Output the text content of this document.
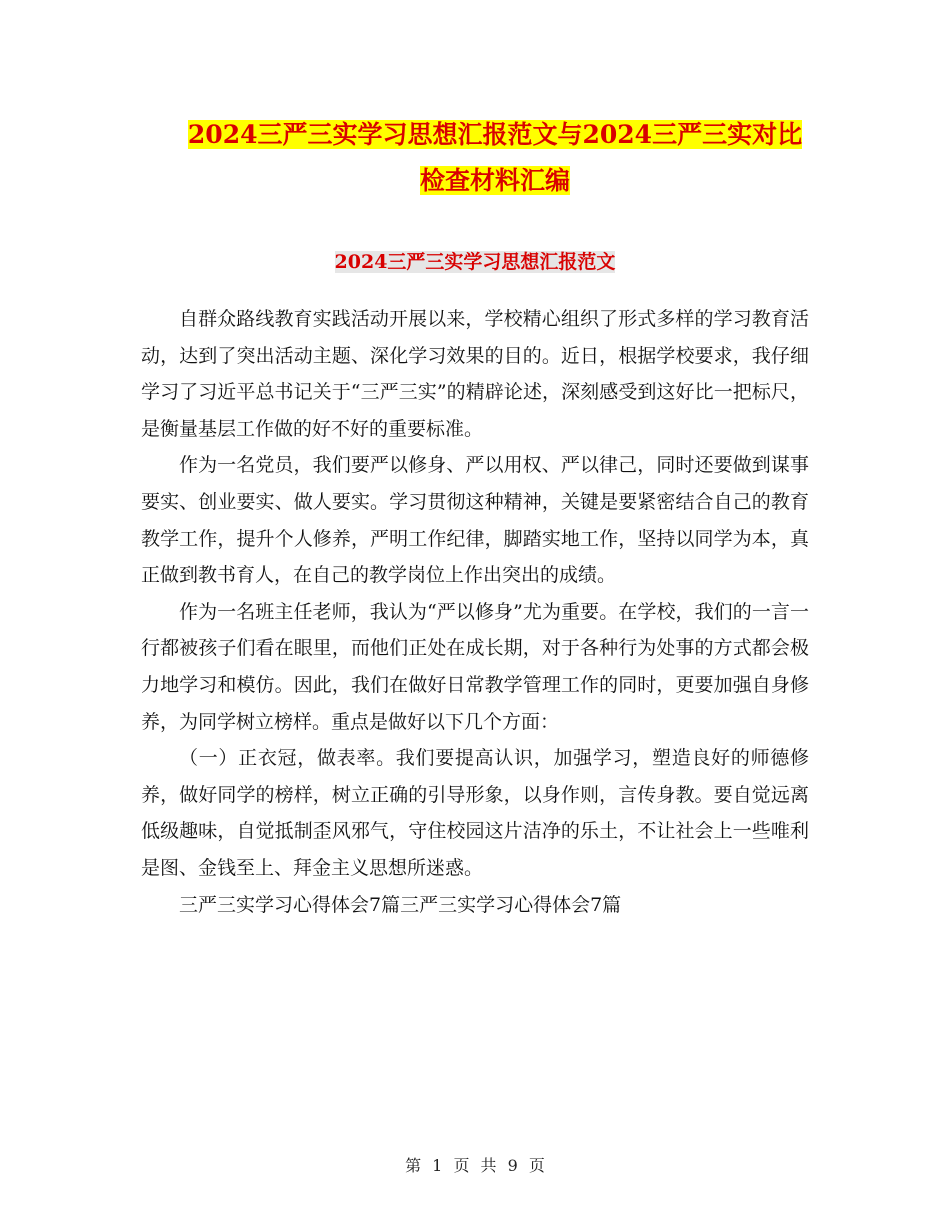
2024三严三实学习思想汇报范文与2024三严三实对比
检查材料汇编
2024三严三实学习思想汇报范文

自群众路线教育实践活动开展以来，学校精心组织了形式多样的学习教育活动，达到了突出活动主题、深化学习效果的目的。近日，根据学校要求，我仔细学习了习近平总书记关于“三严三实”的精辟论述，深刻感受到这好比一把标尺，是衡量基层工作做的好不好的重要标准。

作为一名党员，我们要严以修身、严以用权、严以律己，同时还要做到谋事要实、创业要实、做人要实。学习贯彻这种精神，关键是要紧密结合自己的教育教学工作，提升个人修养，严明工作纪律，脚踏实地工作，坚持以同学为本，真正做到教书育人，在自己的教学岗位上作出突出的成绩。

作为一名班主任老师，我认为“严以修身”尤为重要。在学校，我们的一言一行都被孩子们看在眼里，而他们正处在成长期，对于各种行为处事的方式都会极力地学习和模仿。因此，我们在做好日常教学管理工作的同时，更要加强自身修养，为同学树立榜样。重点是做好以下几个方面：

（一）正衣冠，做表率。我们要提高认识，加强学习，塑造良好的师德修养，做好同学的榜样，树立正确的引导形象，以身作则，言传身教。要自觉远离低级趣味，自觉抵制歪风邪气，守住校园这片洁净的乐土，不让社会上一些唯利是图、金钱至上、拜金主义思想所迷惑。

三严三实学习心得体会7篇三严三实学习心得体会7篇

第 1 页 共 9 页
